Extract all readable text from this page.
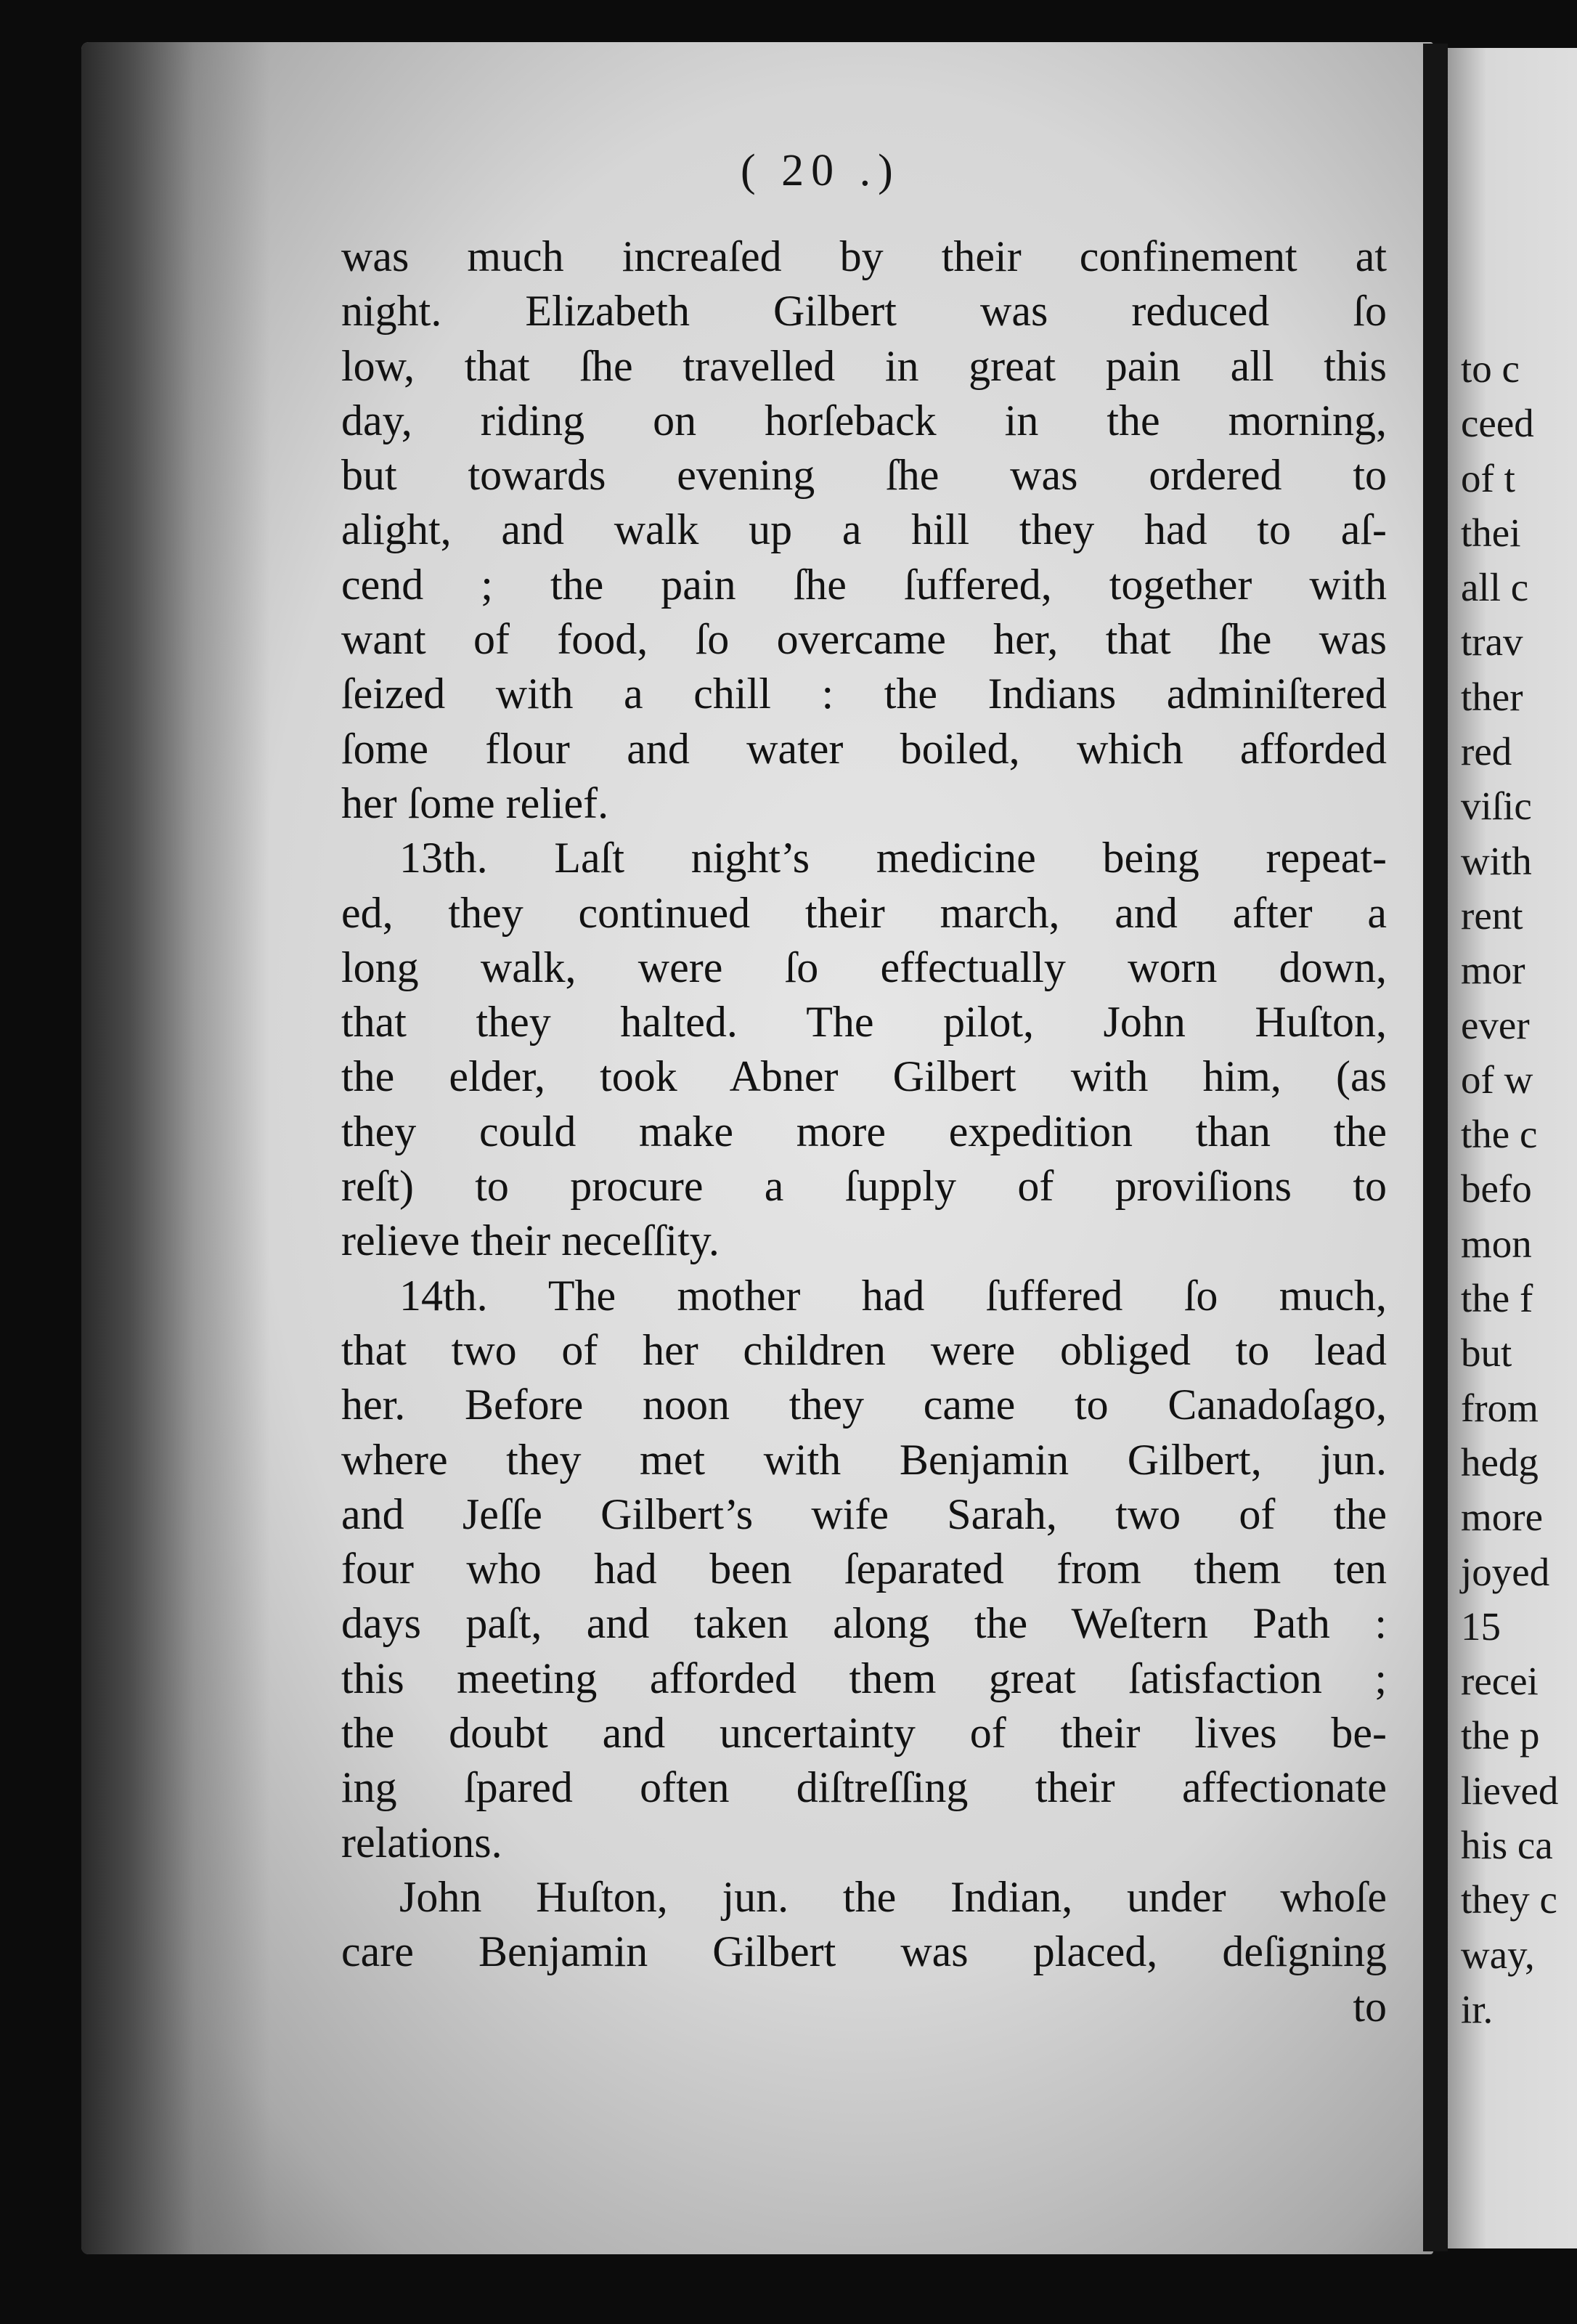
( 20 .)
was much increaſed by their confinement at
night. Elizabeth Gilbert was reduced ſo
low, that ſhe travelled in great pain all this
day, riding on horſeback in the morning,
but towards evening ſhe was ordered to
alight, and walk up a hill they had to aſ-
cend ; the pain ſhe ſuffered, together with
want of food, ſo overcame her, that ſhe was
ſeized with a chill : the Indians adminiſtered
ſome flour and water boiled, which afforded
her ſome relief.
13th. Laſt night’s medicine being repeat-
ed, they continued their march, and after a
long walk, were ſo effectually worn down,
that they halted. The pilot, John Huſton,
the elder, took Abner Gilbert with him, (as
they could make more expedition than the
reſt) to procure a ſupply of proviſions to
relieve their neceſſity.
14th. The mother had ſuffered ſo much,
that two of her children were obliged to lead
her. Before noon they came to Canadoſago,
where they met with Benjamin Gilbert, jun.
and Jeſſe Gilbert’s wife Sarah, two of the
four who had been ſeparated from them ten
days paſt, and taken along the Weſtern Path :
this meeting afforded them great ſatisfaction ;
the doubt and uncertainty of their lives be-
ing ſpared often diſtreſſing their affectionate
relations.
John Huſton, jun. the Indian, under whoſe
care Benjamin Gilbert was placed, deſigning
to
to c
ceed
of t
thei
all c
trav
ther
red
viſic
with
rent
mor
ever
of w
the c
befo
mon
the f
but
from
hedg
more
joyed
15
recei
the p
lieved
his ca
they c
way,
ir.
